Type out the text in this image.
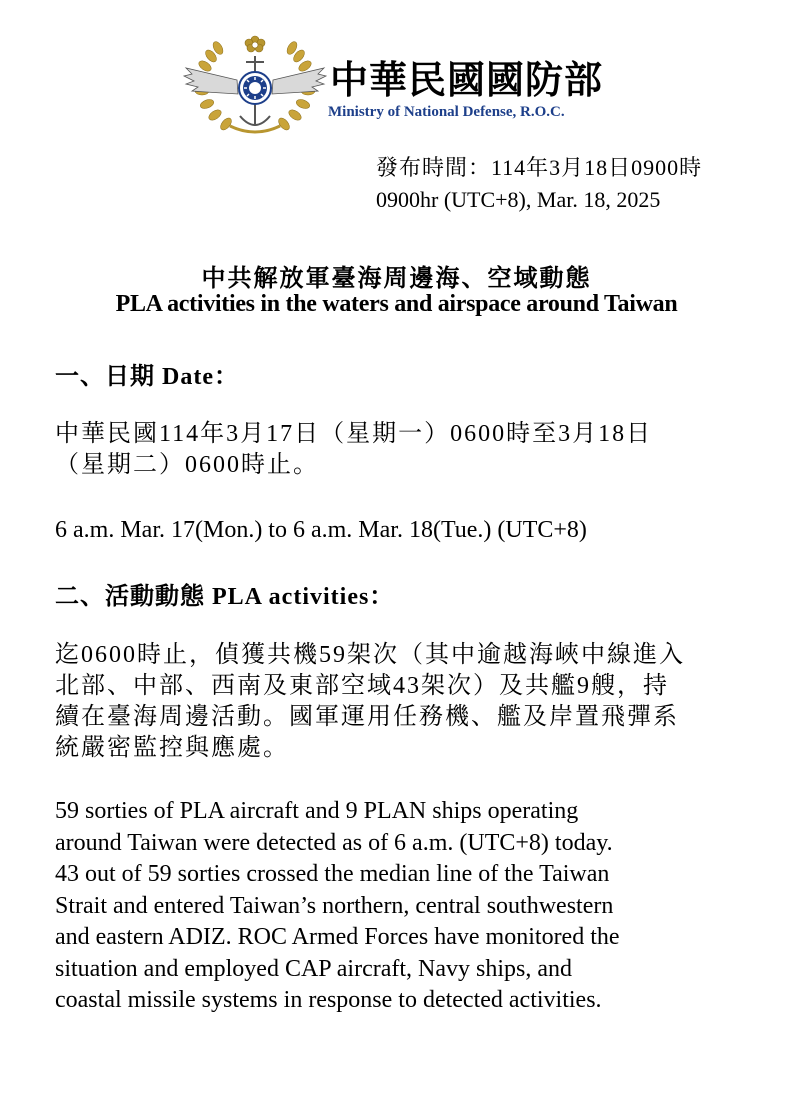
中華民國國防部
Ministry of National Defense, R.O.C.
發布時間：114年3月18日0900時
0900hr (UTC+8), Mar. 18, 2025
中共解放軍臺海周邊海、空域動態
PLA activities in the waters and airspace around Taiwan
一、日期 Date：
中華民國114年3月17日（星期一）0600時至3月18日
（星期二）0600時止。
6 a.m. Mar. 17(Mon.) to 6 a.m. Mar. 18(Tue.) (UTC+8)
二、活動動態 PLA activities：
迄0600時止，偵獲共機59架次（其中逾越海峽中線進入
北部、中部、西南及東部空域43架次）及共艦9艘，持
續在臺海周邊活動。國軍運用任務機、艦及岸置飛彈系
統嚴密監控與應處。
59 sorties of PLA aircraft and 9 PLAN ships operating
around Taiwan were detected as of 6 a.m. (UTC+8) today.
43 out of 59 sorties crossed the median line of the Taiwan
Strait and entered Taiwan’s northern, central southwestern
and eastern ADIZ. ROC Armed Forces have monitored the
situation and employed CAP aircraft, Navy ships, and
coastal missile systems in response to detected activities.
